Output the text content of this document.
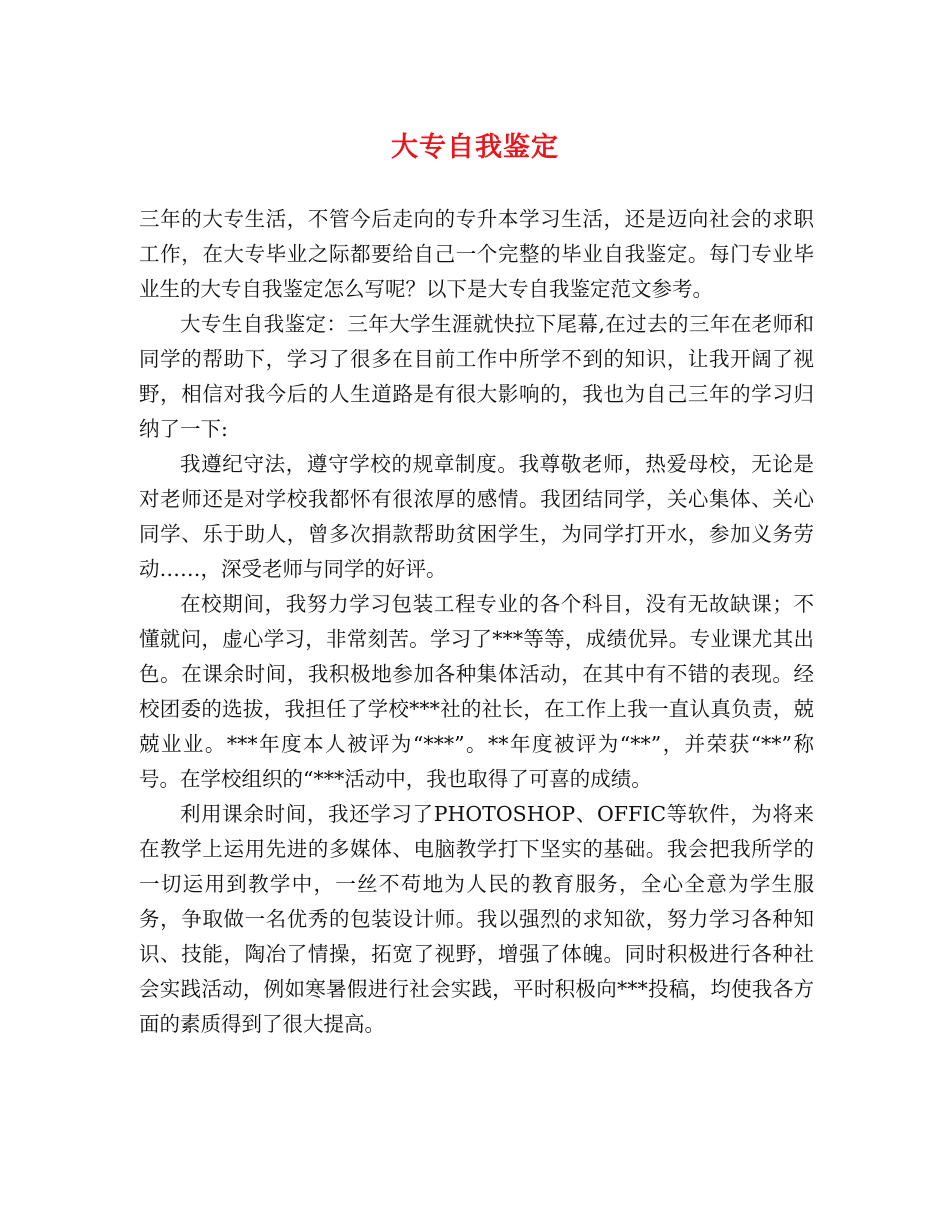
大专自我鉴定

三年的大专生活，不管今后走向的专升本学习生活，还是迈向社会的求职工作，在大专毕业之际都要给自己一个完整的毕业自我鉴定。每门专业毕业生的大专自我鉴定怎么写呢？以下是大专自我鉴定范文参考。

大专生自我鉴定：三年大学生涯就快拉下尾幕,在过去的三年在老师和同学的帮助下，学习了很多在目前工作中所学不到的知识，让我开阔了视野，相信对我今后的人生道路是有很大影响的，我也为自己三年的学习归纳了一下:

我遵纪守法，遵守学校的规章制度。我尊敬老师，热爱母校，无论是对老师还是对学校我都怀有很浓厚的感情。我团结同学，关心集体、关心同学、乐于助人，曾多次捐款帮助贫困学生，为同学打开水，参加义务劳动……，深受老师与同学的好评。

在校期间，我努力学习包装工程专业的各个科目，没有无故缺课；不懂就问，虚心学习，非常刻苦。学习了***等等，成绩优异。专业课尤其出色。在课余时间，我积极地参加各种集体活动，在其中有不错的表现。经校团委的选拔，我担任了学校***社的社长，在工作上我一直认真负责，兢兢业业。***年度本人被评为“***”。**年度被评为“**”，并荣获“**”称号。在学校组织的“***活动中，我也取得了可喜的成绩。

利用课余时间，我还学习了PHOTOSHOP、OFFIC等软件，为将来在教学上运用先进的多媒体、电脑教学打下坚实的基础。我会把我所学的一切运用到教学中，一丝不苟地为人民的教育服务，全心全意为学生服务，争取做一名优秀的包装设计师。我以强烈的求知欲，努力学习各种知识、技能，陶冶了情操，拓宽了视野，增强了体魄。同时积极进行各种社会实践活动，例如寒暑假进行社会实践，平时积极向***投稿，均使我各方面的素质得到了很大提高。
